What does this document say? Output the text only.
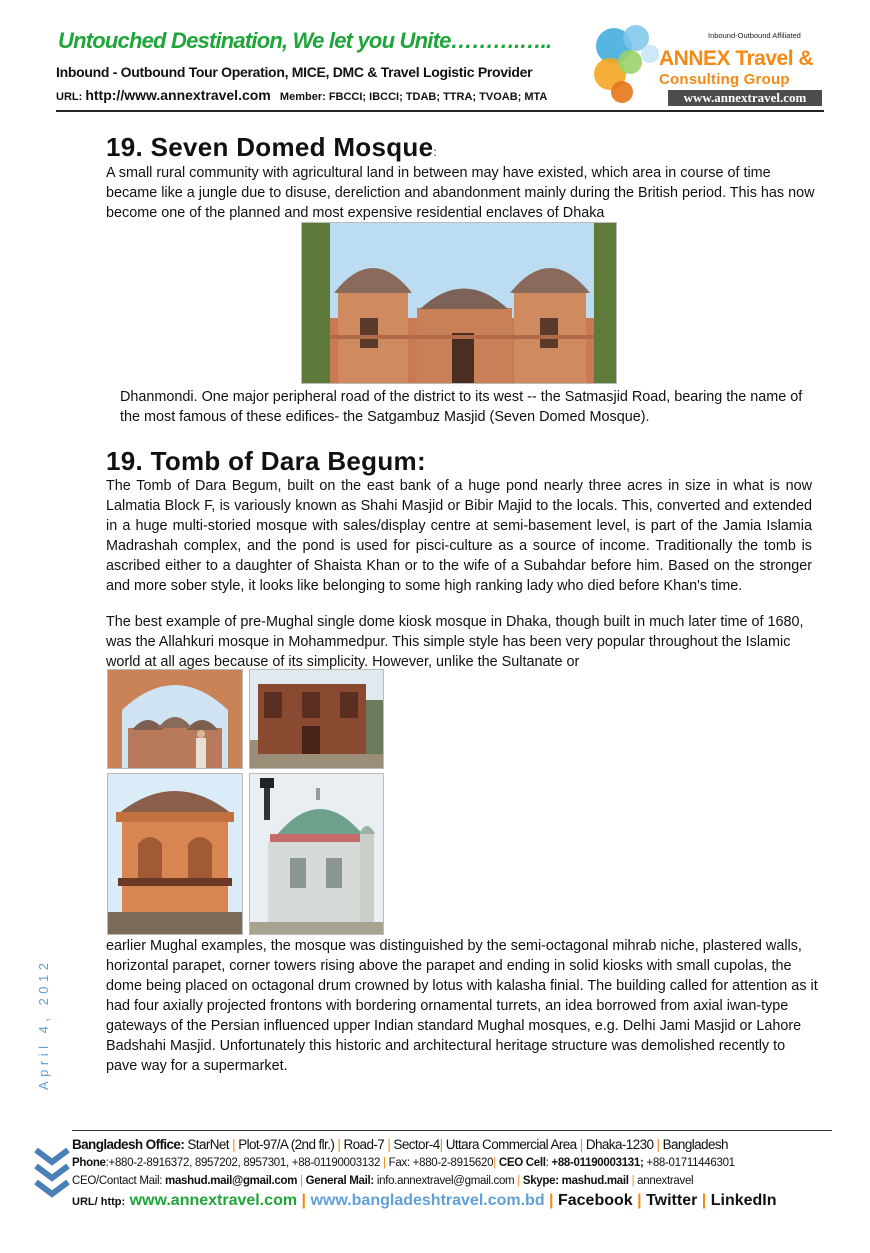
Untouched Destination, We let you Unite……….…..
Inbound - Outbound Tour Operation, MICE, DMC & Travel Logistic Provider
URL: http://www.annextravel.com Member: FBCCI; IBCCI; TDAB; TTRA; TVOAB; MTA
Inbound-Outbound Affiliated
ANNEX Travel &
Consulting Group
www.annextravel.com
19. Seven Domed Mosque:
A small rural community with agricultural land in between may have existed, which area in course of time became like a jungle due to disuse, dereliction and abandonment mainly during the British period. This has now become one of the planned and most expensive residential enclaves of Dhaka
Dhanmondi. One major peripheral road of the district to its west -- the Satmasjid Road, bearing the name of the most famous of these edifices- the Satgambuz Masjid (Seven Domed Mosque).
19. Tomb of Dara Begum:
The Tomb of Dara Begum, built on the east bank of a huge pond nearly three acres in size in what is now Lalmatia Block F, is variously known as Shahi Masjid or Bibir Majid to the locals. This, converted and extended in a huge multi-storied mosque with sales/display centre at semi-basement level, is part of the Jamia Islamia Madrashah complex, and the pond is used for pisci-culture as a source of income. Traditionally the tomb is ascribed either to a daughter of Shaista Khan or to the wife of a Subahdar before him. Based on the stronger and more sober style, it looks like belonging to some high ranking lady who died before Khan's time.
The best example of pre-Mughal single dome kiosk mosque in Dhaka, though built in much later time of 1680, was the Allahkuri mosque in Mohammedpur. This simple style has been very popular throughout the Islamic world at all ages because of its simplicity. However, unlike the Sultanate or
earlier Mughal examples, the mosque was distinguished by the semi-octagonal mihrab niche, plastered walls, horizontal parapet, corner towers rising above the parapet and ending in solid kiosks with small cupolas, the dome being placed on octagonal drum crowned by lotus with kalasha finial. The building called for attention as it had four axially projected frontons with bordering ornamental turrets, an idea borrowed from axial iwan-type gateways of the Persian influenced upper Indian standard Mughal mosques, e.g. Delhi Jami Masjid or Lahore Badshahi Masjid. Unfortunately this historic and architectural heritage structure was demolished recently to pave way for a supermarket.
April 4, 2012
Bangladesh Office: StarNet | Plot-97/A (2nd flr.) | Road-7 | Sector-4| Uttara Commercial Area | Dhaka-1230 | Bangladesh
Phone:+880-2-8916372, 8957202, 8957301, +88-01190003132 | Fax: +880-2-8915620| CEO Cell: +88-01190003131; +88-01711446301
CEO/Contact Mail: mashud.mail@gmail.com | General Mail: info.annextravel@gmail.com | Skype: mashud.mail | annextravel
URL/ http: www.annextravel.com | www.bangladeshtravel.com.bd | Facebook | Twitter | LinkedIn
